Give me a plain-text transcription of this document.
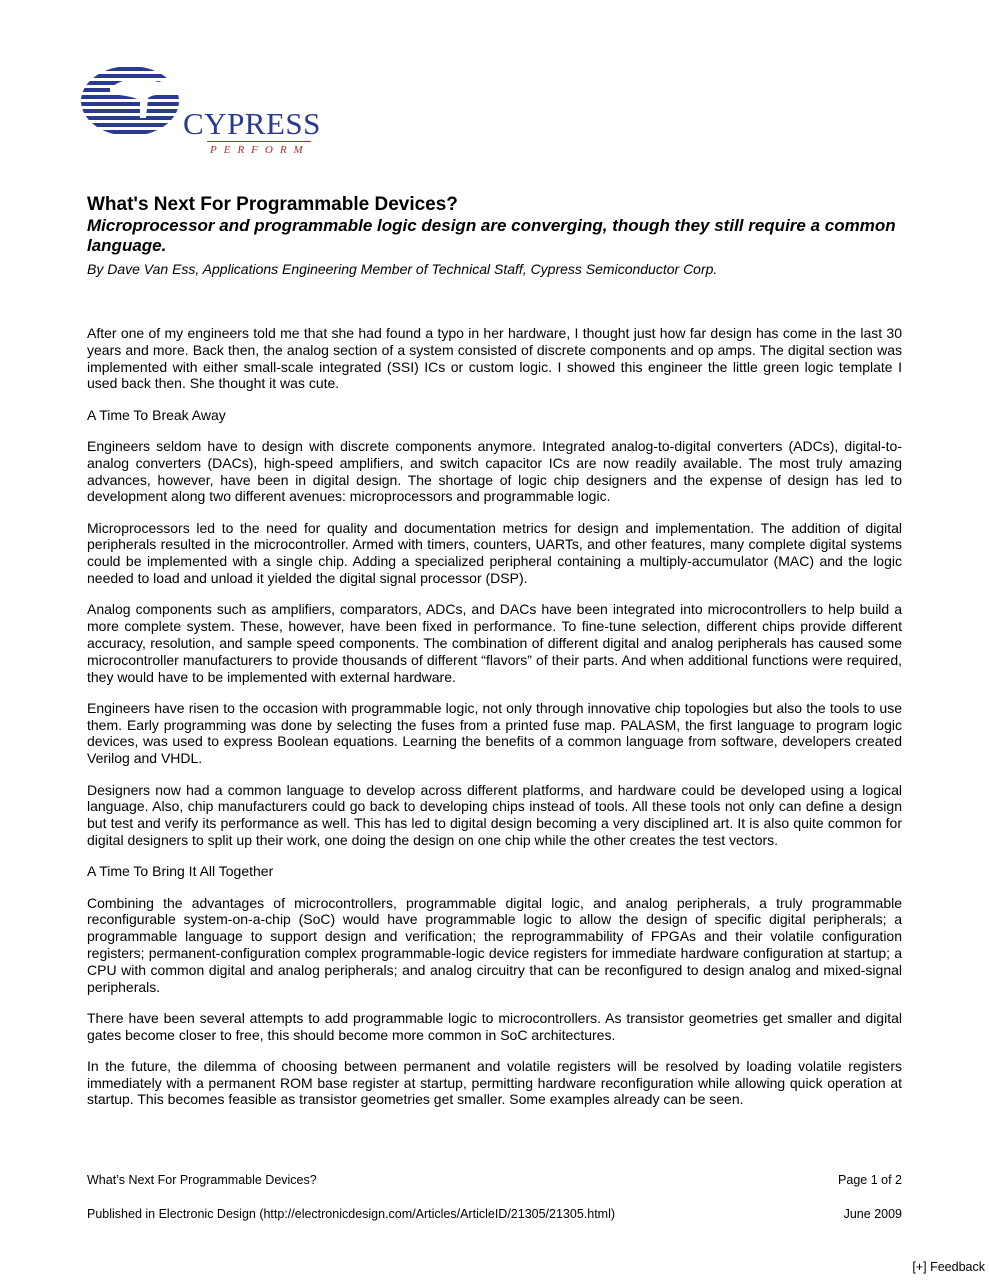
CYPRESS
PERFORM
What's Next For Programmable Devices?
Microprocessor and programmable logic design are converging, though they still require a common language.

By Dave Van Ess, Applications Engineering Member of Technical Staff, Cypress Semiconductor Corp.

After one of my engineers told me that she had found a typo in her hardware, I thought just how far design has come in the last 30 years and more. Back then, the analog section of a system consisted of discrete components and op amps. The digital section was implemented with either small-scale integrated (SSI) ICs or custom logic. I showed this engineer the little green logic template I used back then. She thought it was cute.

A Time To Break Away

Engineers seldom have to design with discrete components anymore. Integrated analog-to-digital converters (ADCs), digital-to-analog converters (DACs), high-speed amplifiers, and switch capacitor ICs are now readily available. The most truly amazing advances, however, have been in digital design. The shortage of logic chip designers and the expense of design has led to development along two different avenues: microprocessors and programmable logic.

Microprocessors led to the need for quality and documentation metrics for design and implementation. The addition of digital peripherals resulted in the microcontroller. Armed with timers, counters, UARTs, and other features, many complete digital systems could be implemented with a single chip. Adding a specialized peripheral containing a multiply-accumulator (MAC) and the logic needed to load and unload it yielded the digital signal processor (DSP).

Analog components such as amplifiers, comparators, ADCs, and DACs have been integrated into microcontrollers to help build a more complete system. These, however, have been fixed in performance. To fine-tune selection, different chips provide different accuracy, resolution, and sample speed components. The combination of different digital and analog peripherals has caused some microcontroller manufacturers to provide thousands of different “flavors” of their parts. And when additional functions were required, they would have to be implemented with external hardware.

Engineers have risen to the occasion with programmable logic, not only through innovative chip topologies but also the tools to use them. Early programming was done by selecting the fuses from a printed fuse map. PALASM, the first language to program logic devices, was used to express Boolean equations. Learning the benefits of a common language from software, developers created Verilog and VHDL.

Designers now had a common language to develop across different platforms, and hardware could be developed using a logical language. Also, chip manufacturers could go back to developing chips instead of tools. All these tools not only can define a design but test and verify its performance as well. This has led to digital design becoming a very disciplined art. It is also quite common for digital designers to split up their work, one doing the design on one chip while the other creates the test vectors.

A Time To Bring It All Together

Combining the advantages of microcontrollers, programmable digital logic, and analog peripherals, a truly programmable reconfigurable system-on-a-chip (SoC) would have programmable logic to allow the design of specific digital peripherals; a programmable language to support design and verification; the reprogrammability of FPGAs and their volatile configuration registers; permanent-configuration complex programmable-logic device registers for immediate hardware configuration at startup; a CPU with common digital and analog peripherals; and analog circuitry that can be reconfigured to design analog and mixed-signal peripherals.

There have been several attempts to add programmable logic to microcontrollers. As transistor geometries get smaller and digital gates become closer to free, this should become more common in SoC architectures.

In the future, the dilemma of choosing between permanent and volatile registers will be resolved by loading volatile registers immediately with a permanent ROM base register at startup, permitting hardware reconfiguration while allowing quick operation at startup. This becomes feasible as transistor geometries get smaller. Some examples already can be seen.

What’s Next For Programmable Devices?	Page 1 of 2
Published in Electronic Design (http://electronicdesign.com/Articles/ArticleID/21305/21305.html)	June 2009
[+] Feedback
